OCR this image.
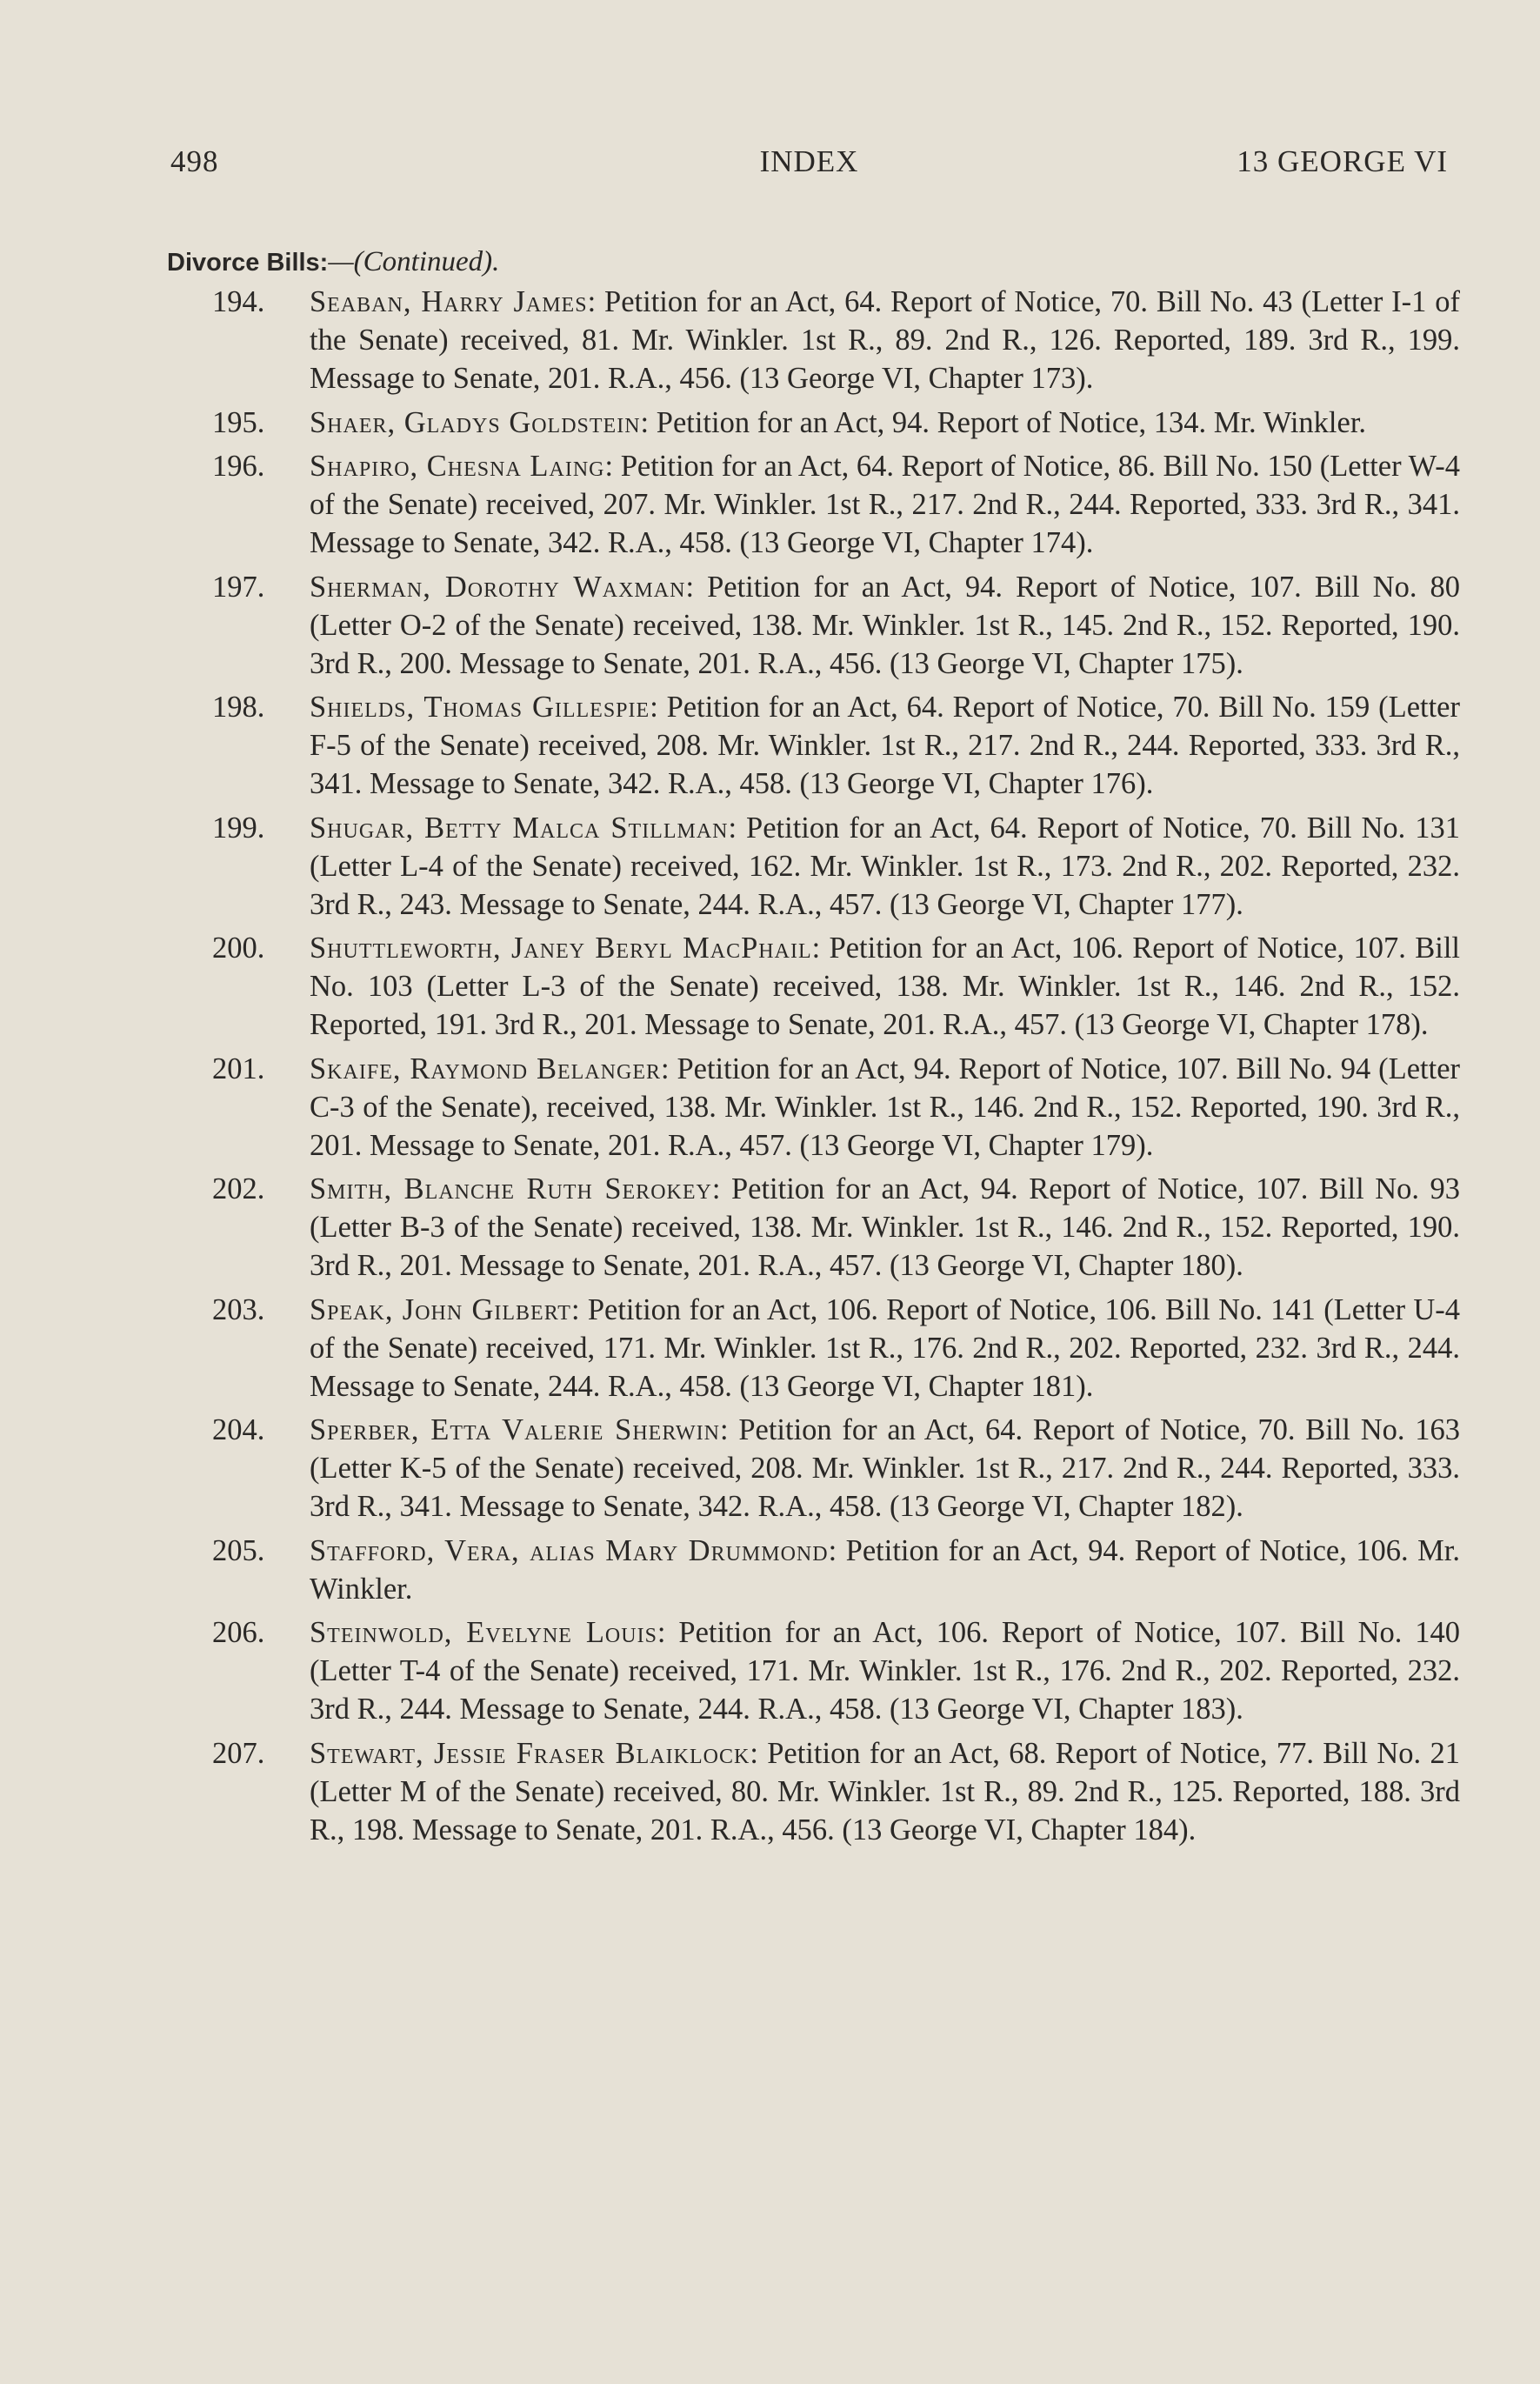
498	INDEX	13 GEORGE VI
Divorce Bills:—(Continued).
194.	Seaban, Harry James: Petition for an Act, 64. Report of Notice, 70. Bill No. 43 (Letter I-1 of the Senate) received, 81. Mr. Winkler. 1st R., 89. 2nd R., 126. Reported, 189. 3rd R., 199. Message to Senate, 201. R.A., 456. (13 George VI, Chapter 173).
195.	Shaer, Gladys Goldstein: Petition for an Act, 94. Report of Notice, 134. Mr. Winkler.
196.	Shapiro, Chesna Laing: Petition for an Act, 64. Report of Notice, 86. Bill No. 150 (Letter W-4 of the Senate) received, 207. Mr. Winkler. 1st R., 217. 2nd R., 244. Reported, 333. 3rd R., 341. Message to Senate, 342. R.A., 458. (13 George VI, Chapter 174).
197.	Sherman, Dorothy Waxman: Petition for an Act, 94. Report of Notice, 107. Bill No. 80 (Letter O-2 of the Senate) received, 138. Mr. Winkler. 1st R., 145. 2nd R., 152. Reported, 190. 3rd R., 200. Message to Senate, 201. R.A., 456. (13 George VI, Chapter 175).
198.	Shields, Thomas Gillespie: Petition for an Act, 64. Report of Notice, 70. Bill No. 159 (Letter F-5 of the Senate) received, 208. Mr. Winkler. 1st R., 217. 2nd R., 244. Reported, 333. 3rd R., 341. Message to Senate, 342. R.A., 458. (13 George VI, Chapter 176).
199.	Shugar, Betty Malca Stillman: Petition for an Act, 64. Report of Notice, 70. Bill No. 131 (Letter L-4 of the Senate) received, 162. Mr. Winkler. 1st R., 173. 2nd R., 202. Reported, 232. 3rd R., 243. Message to Senate, 244. R.A., 457. (13 George VI, Chapter 177).
200.	Shuttleworth, Janey Beryl MacPhail: Petition for an Act, 106. Report of Notice, 107. Bill No. 103 (Letter L-3 of the Senate) received, 138. Mr. Winkler. 1st R., 146. 2nd R., 152. Reported, 191. 3rd R., 201. Message to Senate, 201. R.A., 457. (13 George VI, Chapter 178).
201.	Skaife, Raymond Belanger: Petition for an Act, 94. Report of Notice, 107. Bill No. 94 (Letter C-3 of the Senate), received, 138. Mr. Winkler. 1st R., 146. 2nd R., 152. Reported, 190. 3rd R., 201. Message to Senate, 201. R.A., 457. (13 George VI, Chapter 179).
202.	Smith, Blanche Ruth Serokey: Petition for an Act, 94. Report of Notice, 107. Bill No. 93 (Letter B-3 of the Senate) received, 138. Mr. Winkler. 1st R., 146. 2nd R., 152. Reported, 190. 3rd R., 201. Message to Senate, 201. R.A., 457. (13 George VI, Chapter 180).
203.	Speak, John Gilbert: Petition for an Act, 106. Report of Notice, 106. Bill No. 141 (Letter U-4 of the Senate) received, 171. Mr. Winkler. 1st R., 176. 2nd R., 202. Reported, 232. 3rd R., 244. Message to Senate, 244. R.A., 458. (13 George VI, Chapter 181).
204.	Sperber, Etta Valerie Sherwin: Petition for an Act, 64. Report of Notice, 70. Bill No. 163 (Letter K-5 of the Senate) received, 208. Mr. Winkler. 1st R., 217. 2nd R., 244. Reported, 333. 3rd R., 341. Message to Senate, 342. R.A., 458. (13 George VI, Chapter 182).
205.	Stafford, Vera, alias Mary Drummond: Petition for an Act, 94. Report of Notice, 106. Mr. Winkler.
206.	Steinwold, Evelyne Louis: Petition for an Act, 106. Report of Notice, 107. Bill No. 140 (Letter T-4 of the Senate) received, 171. Mr. Winkler. 1st R., 176. 2nd R., 202. Reported, 232. 3rd R., 244. Message to Senate, 244. R.A., 458. (13 George VI, Chapter 183).
207.	Stewart, Jessie Fraser Blaiklock: Petition for an Act, 68. Report of Notice, 77. Bill No. 21 (Letter M of the Senate) received, 80. Mr. Winkler. 1st R., 89. 2nd R., 125. Reported, 188. 3rd R., 198. Message to Senate, 201. R.A., 456. (13 George VI, Chapter 184).
